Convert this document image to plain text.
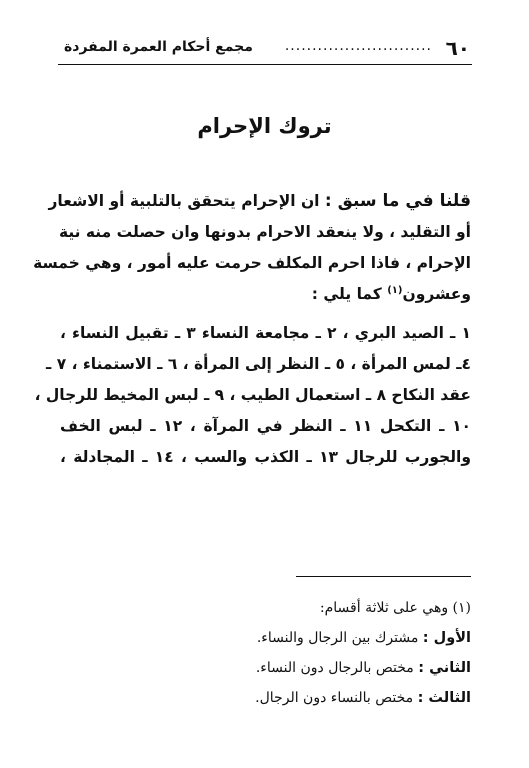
٦٠
...........................
مجمع أحكام العمرة المفردة
تروك الإحرام
قلنا في ما سبق : ان الإحرام يتحقق بالتلبية أو الاشعار
أو التقليد ، ولا ينعقد الاحرام بدونها وان حصلت منه نية
الإحرام ، فاذا احرم المكلف حرمت عليه أمور ، وهي خمسة
وعشرون$^{(١)}$ كما يلي :
١ ـ الصيد البري ، ٢ ـ مجامعة النساء ٣ ـ تقبيل النساء ،
٤ـ لمس المرأة ، ٥ ـ النظر إلى المرأة ، ٦ ـ الاستمناء ، ٧ ـ
عقد النكاح ٨ ـ استعمال الطيب ، ٩ ـ لبس المخيط للرجال ،
١٠ ـ التكحل ١١ ـ النظر في المرآة ، ١٢ ـ لبس الخف
والجورب للرجال ١٣ ـ الكذب والسب ، ١٤ ـ المجادلة ،
(١) وهي على ثلاثة أقسام:
الأول : مشترك بين الرجال والنساء.
الثاني : مختص بالرجال دون النساء.
الثالث : مختص بالنساء دون الرجال.
